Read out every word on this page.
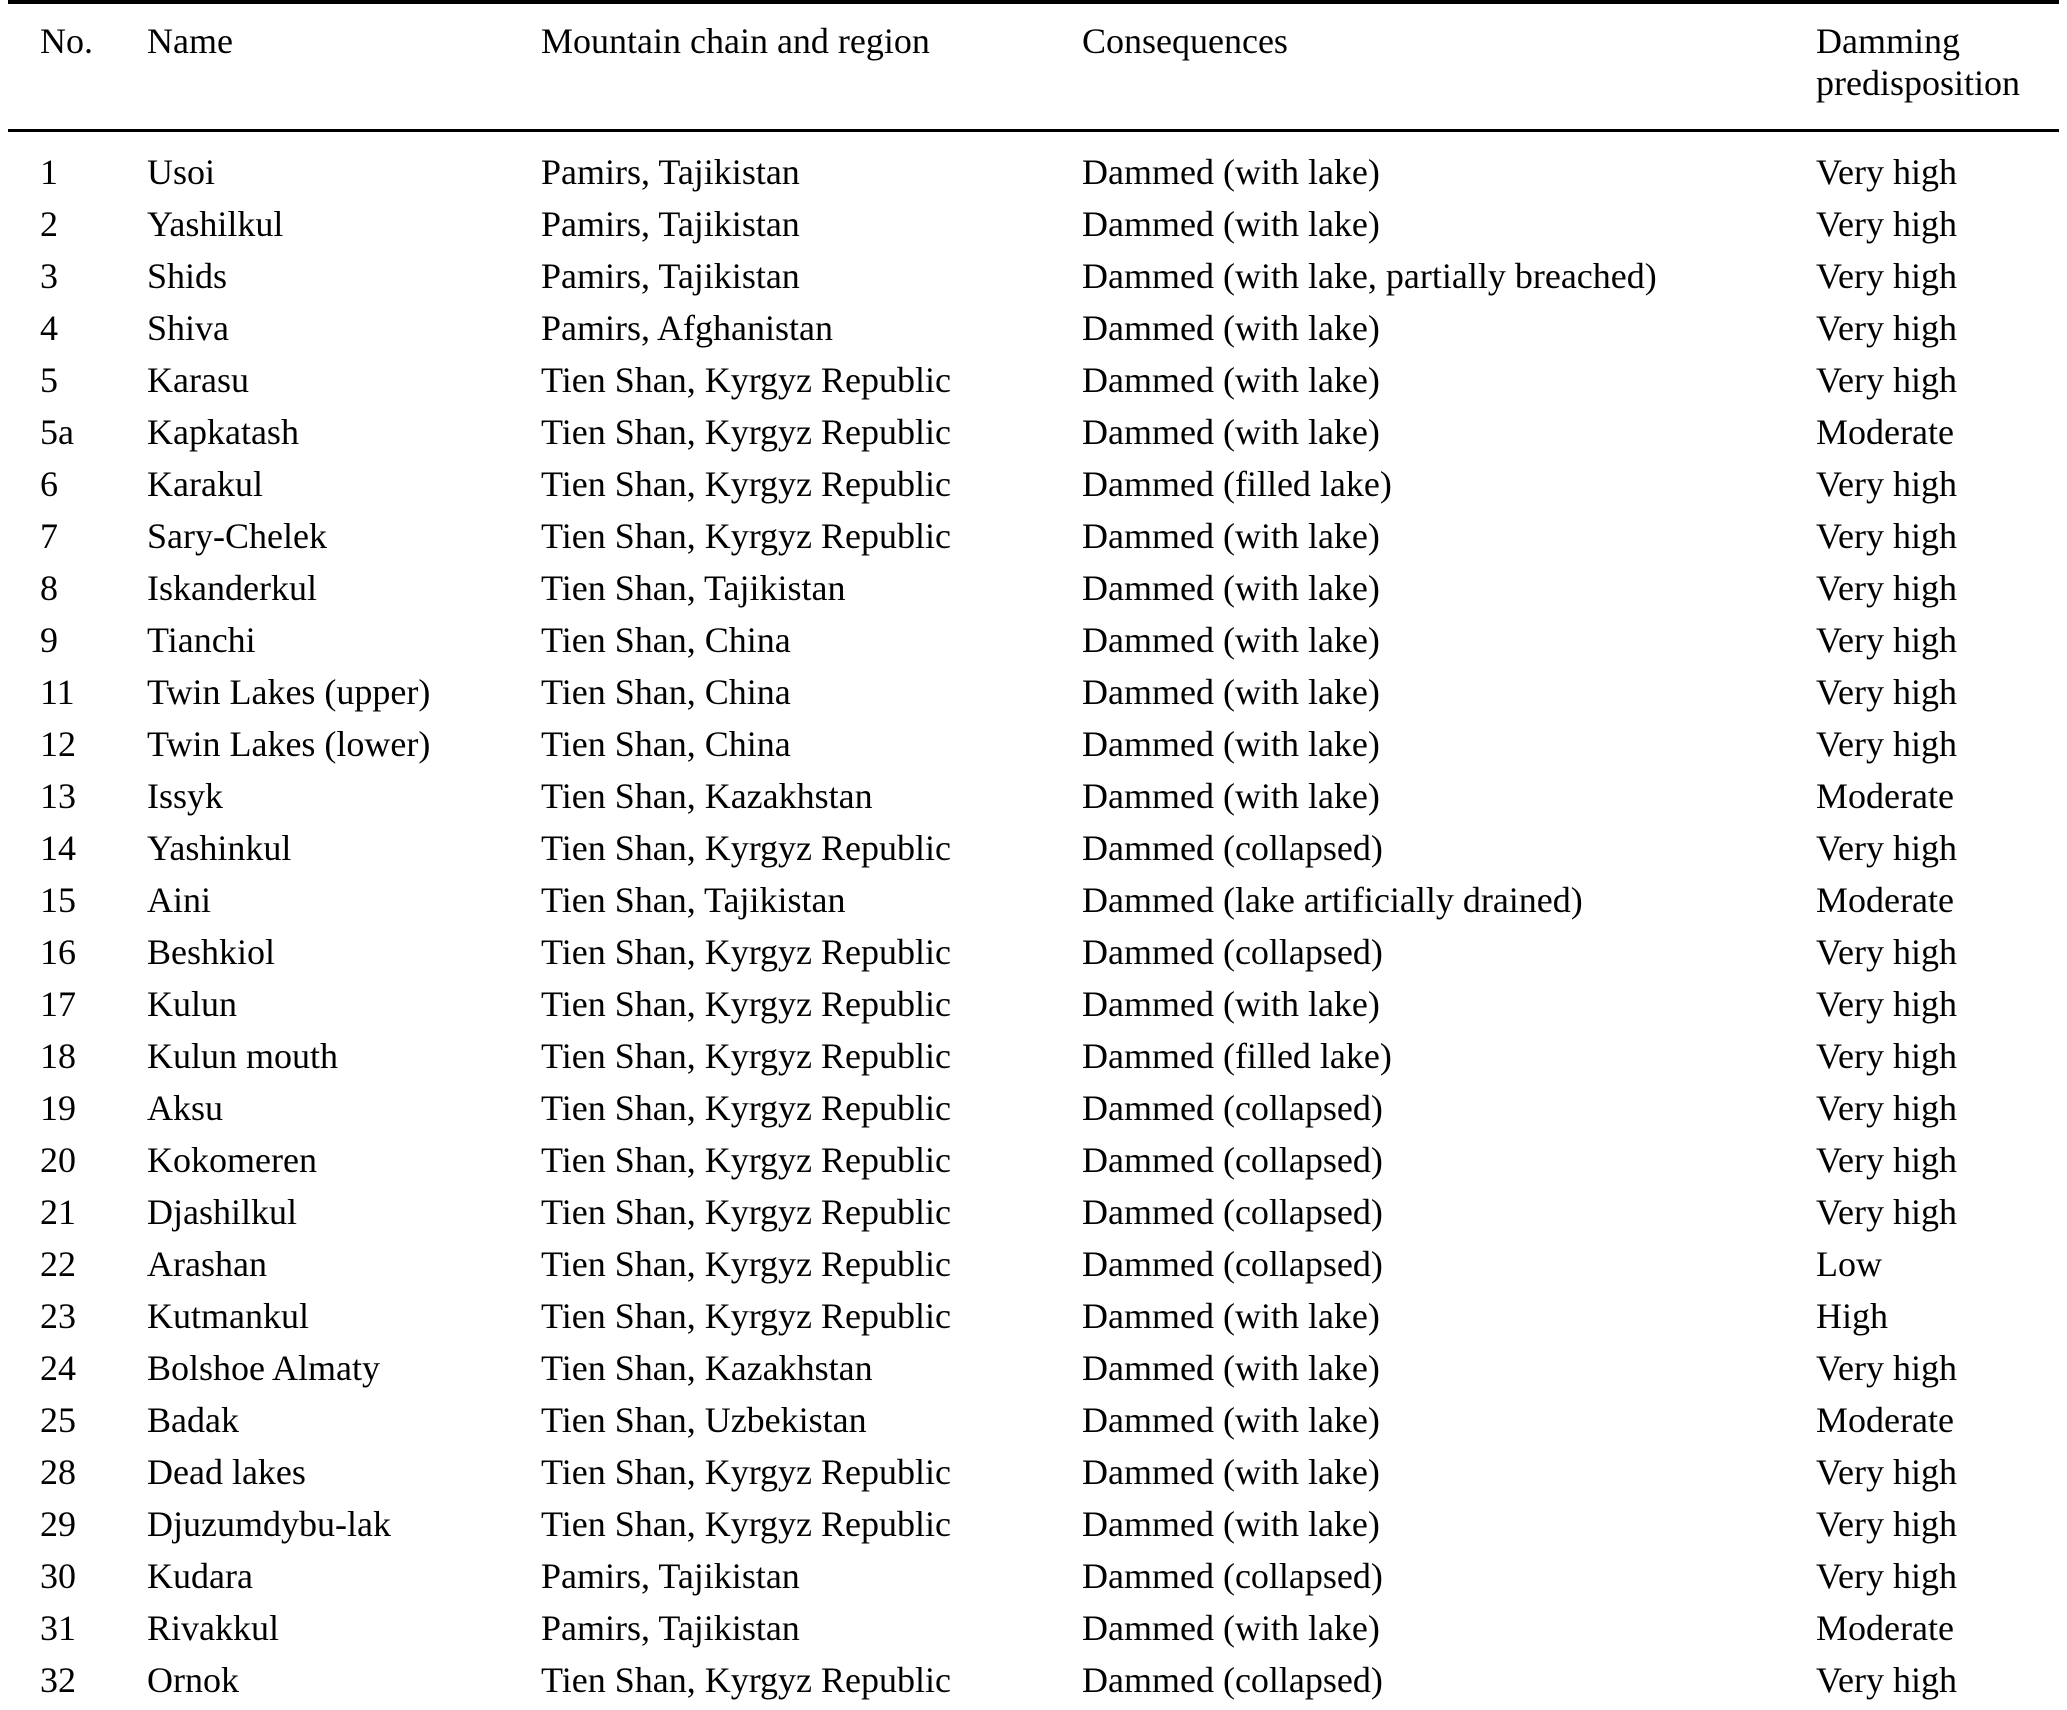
No.	Name	Mountain chain and region	Consequences	Damming predisposition
1	Usoi	Pamirs, Tajikistan	Dammed (with lake)	Very high
2	Yashilkul	Pamirs, Tajikistan	Dammed (with lake)	Very high
3	Shids	Pamirs, Tajikistan	Dammed (with lake, partially breached)	Very high
4	Shiva	Pamirs, Afghanistan	Dammed (with lake)	Very high
5	Karasu	Tien Shan, Kyrgyz Republic	Dammed (with lake)	Very high
5a	Kapkatash	Tien Shan, Kyrgyz Republic	Dammed (with lake)	Moderate
6	Karakul	Tien Shan, Kyrgyz Republic	Dammed (filled lake)	Very high
7	Sary-Chelek	Tien Shan, Kyrgyz Republic	Dammed (with lake)	Very high
8	Iskanderkul	Tien Shan, Tajikistan	Dammed (with lake)	Very high
9	Tianchi	Tien Shan, China	Dammed (with lake)	Very high
11	Twin Lakes (upper)	Tien Shan, China	Dammed (with lake)	Very high
12	Twin Lakes (lower)	Tien Shan, China	Dammed (with lake)	Very high
13	Issyk	Tien Shan, Kazakhstan	Dammed (with lake)	Moderate
14	Yashinkul	Tien Shan, Kyrgyz Republic	Dammed (collapsed)	Very high
15	Aini	Tien Shan, Tajikistan	Dammed (lake artificially drained)	Moderate
16	Beshkiol	Tien Shan, Kyrgyz Republic	Dammed (collapsed)	Very high
17	Kulun	Tien Shan, Kyrgyz Republic	Dammed (with lake)	Very high
18	Kulun mouth	Tien Shan, Kyrgyz Republic	Dammed (filled lake)	Very high
19	Aksu	Tien Shan, Kyrgyz Republic	Dammed (collapsed)	Very high
20	Kokomeren	Tien Shan, Kyrgyz Republic	Dammed (collapsed)	Very high
21	Djashilkul	Tien Shan, Kyrgyz Republic	Dammed (collapsed)	Very high
22	Arashan	Tien Shan, Kyrgyz Republic	Dammed (collapsed)	Low
23	Kutmankul	Tien Shan, Kyrgyz Republic	Dammed (with lake)	High
24	Bolshoe Almaty	Tien Shan, Kazakhstan	Dammed (with lake)	Very high
25	Badak	Tien Shan, Uzbekistan	Dammed (with lake)	Moderate
28	Dead lakes	Tien Shan, Kyrgyz Republic	Dammed (with lake)	Very high
29	Djuzumdybu-lak	Tien Shan, Kyrgyz Republic	Dammed (with lake)	Very high
30	Kudara	Pamirs, Tajikistan	Dammed (collapsed)	Very high
31	Rivakkul	Pamirs, Tajikistan	Dammed (with lake)	Moderate
32	Ornok	Tien Shan, Kyrgyz Republic	Dammed (collapsed)	Very high
